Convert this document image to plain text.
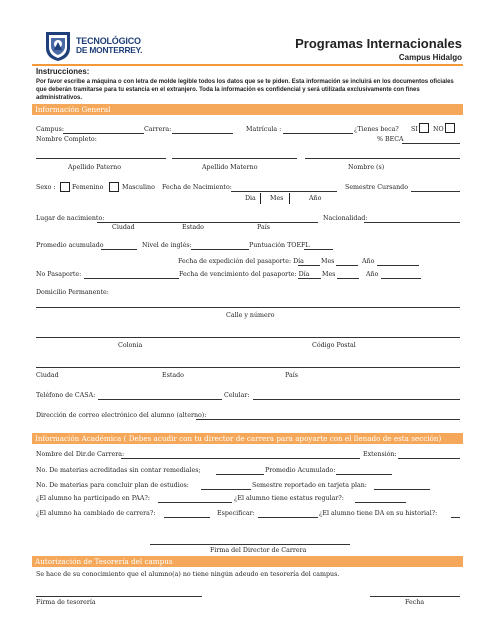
TECNOLÓGICO
DE MONTERREY.	Programas Internacionales
Campus Hidalgo
Instrucciones:
Por favor escribe a máquina o con letra de molde legible todos los datos que se te piden. Esta información se incluirá en los documentos oficiales que deberán tramitarse para tu estancia en el extranjero. Toda la información es confidencial y será utilizada exclusivamente con fines administrativos.
Información General
Campus:	Carrera:	Matrícula :	¿Tienes beca? SI NO
Nombre Completo:	% BECA
Apellido Paterno	Apellido Materno	Nombre (s)
Sexo :	Femenino	Masculino Fecha de Nacimiento:	Semestre Cursando
Dia Mes	Año
Lugar de nacimiento:	Nacionalidad:
Ciudad	Estado	País
Promedio acumulado	Nivel de inglés:	Puntuación TOEFL
Fecha de expedición del pasaporte: Día	Mes	Año
No Pasaporte:	Fecha de vencimiento del pasaporte: Día Mes	Año
Domicilio Permanente:
Calle y número
Colonia	Código Postal
Ciudad	Estado	País
Teléfono de CASA:	Celular:
Dirección de correo electrónico del alumno (alterno):
Información Académica ( Debes acudir con tu director de carrera para apoyarte con el llenado de esta sección)
Nombre del Dir.de Carrera:	Extensión:
No. De materias acreditadas sin contar remediales;	Promedio Acumulado:
No. De materias para concluir plan de estudios:	Semestre reportado en tarjeta plan:
¿El alumno ha participado en PAA?:	¿El alumno tiene estatus regular?:
¿El alumno ha cambiado de carrera?:	Especificar:	¿El alumno tiene DA en su historial?:
Firma del Director de Carrera
Autorización de Tesorería del campus
Se hace de su conocimiento que el alumno(a) no tiene ningún adeudo en tesorería del campus.
Firma de tesorería	Fecha
